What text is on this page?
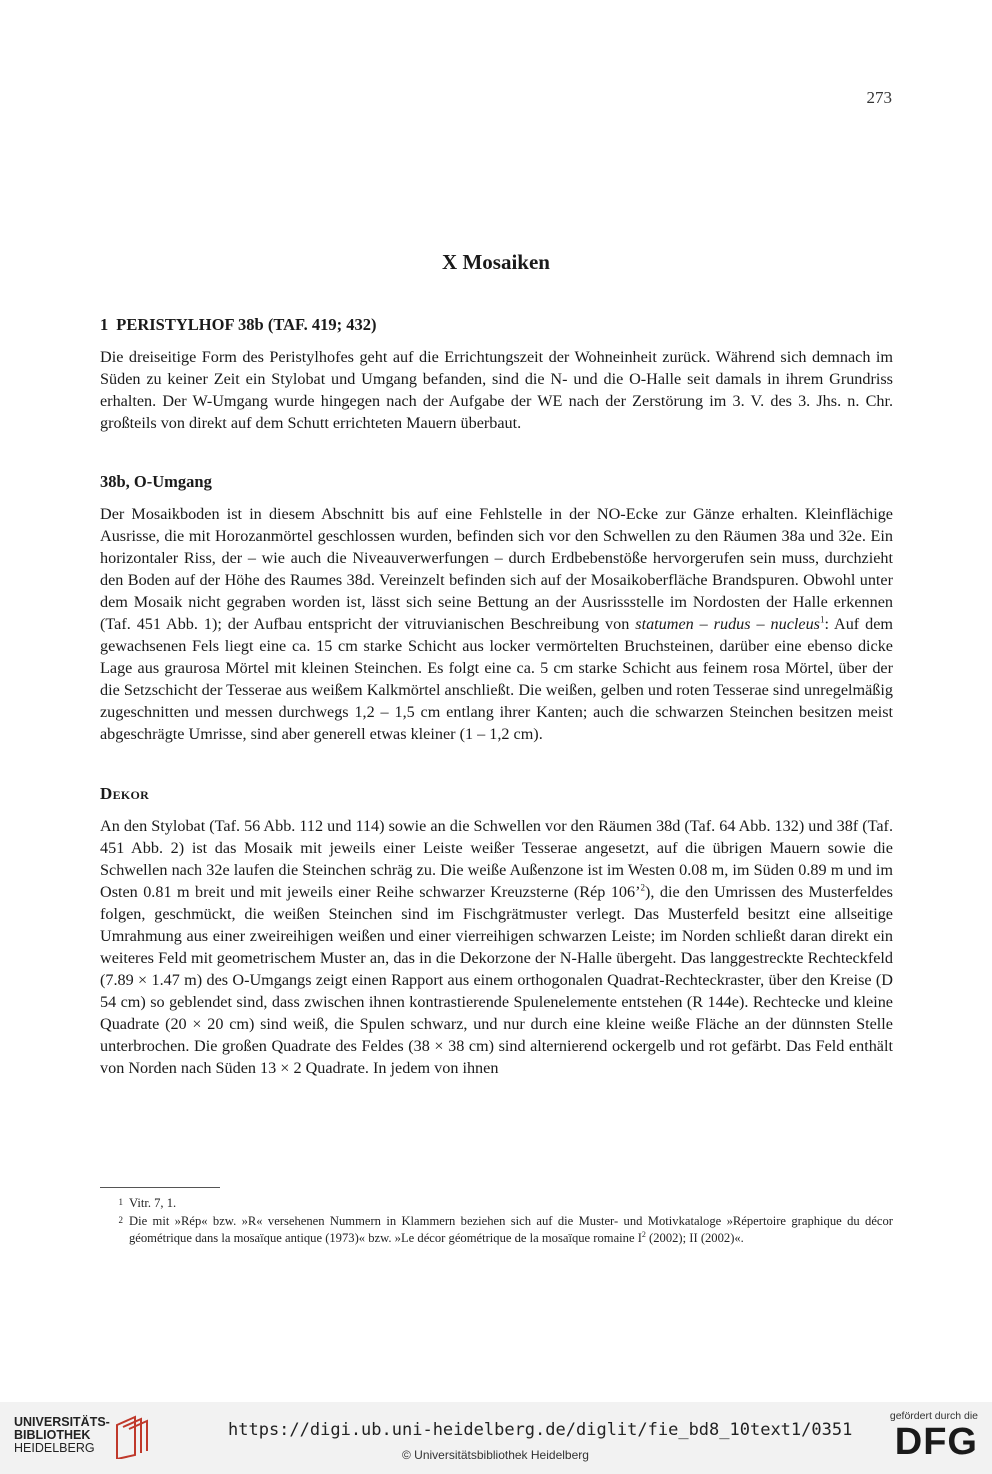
273
X Mosaiken
1 PERISTYLHOF 38b (TAF. 419; 432)

Die dreiseitige Form des Peristylhofes geht auf die Errichtungszeit der Wohneinheit zurück. Während sich demnach im Süden zu keiner Zeit ein Stylobat und Umgang befanden, sind die N- und die O-Halle seit damals in ihrem Grundriss erhalten. Der W-Umgang wurde hingegen nach der Aufgabe der WE nach der Zerstörung im 3. V. des 3. Jhs. n. Chr. großteils von direkt auf dem Schutt errichteten Mauern überbaut.

38b, O-Umgang

Der Mosaikboden ist in diesem Abschnitt bis auf eine Fehlstelle in der NO-Ecke zur Gänze erhalten. Kleinflächige Ausrisse, die mit Horozanmörtel geschlossen wurden, befinden sich vor den Schwellen zu den Räumen 38a und 32e. Ein horizontaler Riss, der – wie auch die Niveauverwerfungen – durch Erdbebenstöße hervorgerufen sein muss, durchzieht den Boden auf der Höhe des Raumes 38d. Vereinzelt befinden sich auf der Mosaikoberfläche Brandspuren. Obwohl unter dem Mosaik nicht gegraben worden ist, lässt sich seine Bettung an der Ausrissstelle im Nordosten der Halle erkennen (Taf. 451 Abb. 1); der Aufbau entspricht der vitruvianischen Beschreibung von statumen – rudus – nucleus$^1$: Auf dem gewachsenen Fels liegt eine ca. 15 cm starke Schicht aus locker vermörtelten Bruchsteinen, darüber eine ebenso dicke Lage aus graurosa Mörtel mit kleinen Steinchen. Es folgt eine ca. 5 cm starke Schicht aus feinem rosa Mörtel, über der die Setzschicht der Tesserae aus weißem Kalkmörtel anschließt. Die weißen, gelben und roten Tesserae sind unregelmäßig zugeschnitten und messen durchwegs 1,2 – 1,5 cm entlang ihrer Kanten; auch die schwarzen Steinchen besitzen meist abgeschrägte Umrisse, sind aber generell etwas kleiner (1 – 1,2 cm).

Dekor

An den Stylobat (Taf. 56 Abb. 112 und 114) sowie an die Schwellen vor den Räumen 38d (Taf. 64 Abb. 132) und 38f (Taf. 451 Abb. 2) ist das Mosaik mit jeweils einer Leiste weißer Tesserae angesetzt, auf die übrigen Mauern sowie die Schwellen nach 32e laufen die Steinchen schräg zu. Die weiße Außenzone ist im Westen 0.08 m, im Süden 0.89 m und im Osten 0.81 m breit und mit jeweils einer Reihe schwarzer Kreuzsterne (Rép 106’$^2$), die den Umrissen des Musterfeldes folgen, geschmückt, die weißen Steinchen sind im Fischgrätmuster verlegt. Das Musterfeld besitzt eine allseitige Umrahmung aus einer zweireihigen weißen und einer vierreihigen schwarzen Leiste; im Norden schließt daran direkt ein weiteres Feld mit geometrischem Muster an, das in die Dekorzone der N-Halle übergeht. Das langgestreckte Rechteckfeld (7.89 × 1.47 m) des O-Umgangs zeigt einen Rapport aus einem orthogonalen Quadrat-Rechteckraster, über den Kreise (D 54 cm) so geblendet sind, dass zwischen ihnen kontrastierende Spulenelemente entstehen (R 144e). Rechtecke und kleine Quadrate (20 × 20 cm) sind weiß, die Spulen schwarz, und nur durch eine kleine weiße Fläche an der dünnsten Stelle unterbrochen. Die großen Quadrate des Feldes (38 × 38 cm) sind alternierend ockergelb und rot gefärbt. Das Feld enthält von Norden nach Süden 13 × 2 Quadrate. In jedem von ihnen

1 Vitr. 7, 1.
2 Die mit »Rép« bzw. »R« versehenen Nummern in Klammern beziehen sich auf die Muster- und Motivkataloge »Répertoire graphique du décor géométrique dans la mosaïque antique (1973)« bzw. »Le décor géométrique de la mosaïque romaine $I^2$ (2002); II (2002)«.
UNIVERSITÄTS-
BIBLIOTHEK
HEIDELBERG
https://digi.ub.uni-heidelberg.de/diglit/fie_bd8_10text1/0351
© Universitätsbibliothek Heidelberg
gefördert durch die
DFG
